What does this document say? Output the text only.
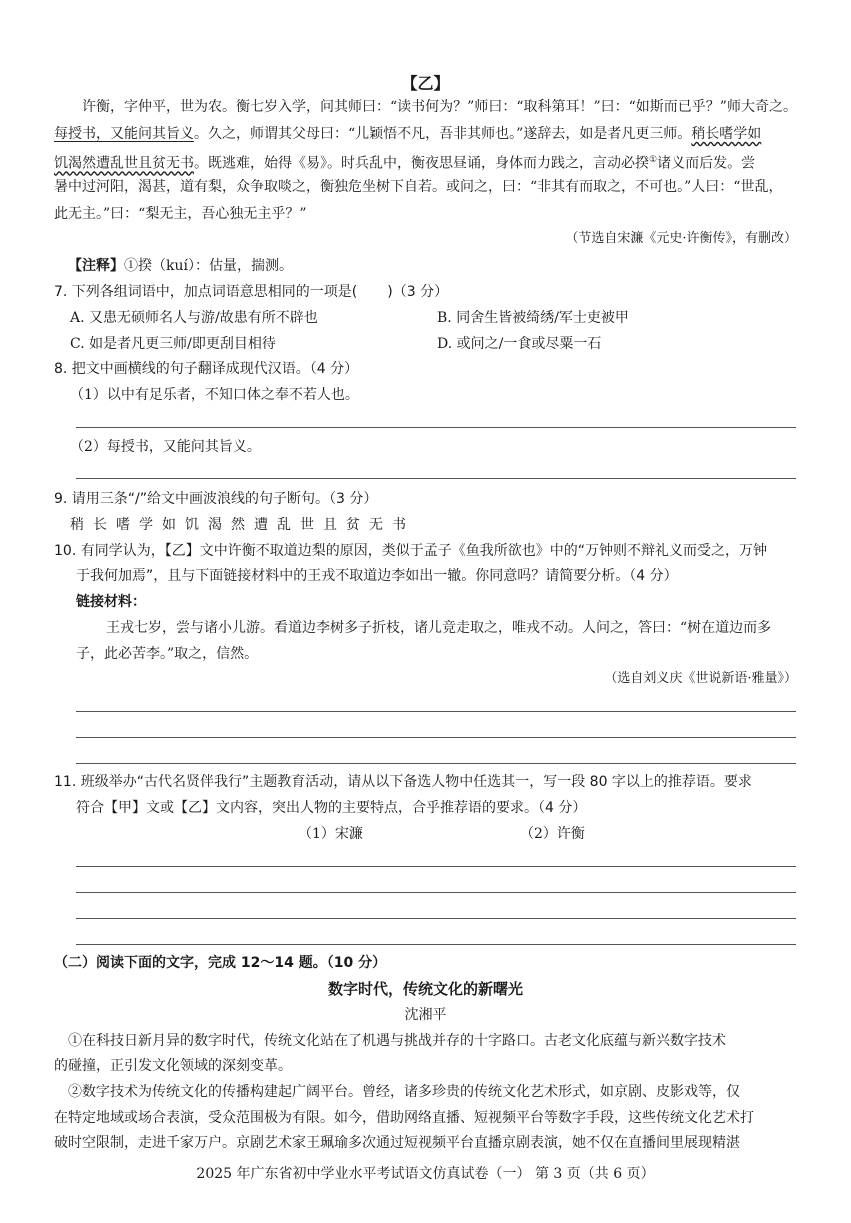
【乙】
许衡，字仲平，世为农。衡七岁入学，问其师曰：“读书何为？”师曰：“取科第耳！”曰：“如斯而已乎？”师大奇之。
每授书，又能问其旨义。久之，师谓其父母曰：“儿颖悟不凡，吾非其师也。”遂辞去，如是者凡更三师。稍长嗜学如
饥渴然遭乱世且贫无书。既逃难，始得《易》。时兵乱中，衡夜思昼诵，身体而力践之，言动必揆①诸义而后发。尝
暑中过河阳，渴甚，道有梨，众争取啖之，衡独危坐树下自若。或问之，曰：“非其有而取之，不可也。”人曰：“世乱，
此无主。”曰：“梨无主，吾心独无主乎？”
（节选自宋濂《元史·许衡传》，有删改）
【注释】①揆（kuí）：估量，揣测。
7. 下列各组词语中，加点词语意思相同的一项是( )（3 分）
A. 又患无硕师名人与游/故患有所不辟也	B. 同舍生皆被绮绣/军士吏被甲
C. 如是者凡更三师/即更刮目相待	D. 或问之/一食或尽粟一石
8. 把文中画横线的句子翻译成现代汉语。（4 分）
（1）以中有足乐者，不知口体之奉不若人也。
（2）每授书，又能问其旨义。
9. 请用三条“/”给文中画波浪线的句子断句。（3 分）
稍长嗜学如饥渴然遭乱世且贫无书
10. 有同学认为，【乙】文中许衡不取道边梨的原因，类似于孟子《鱼我所欲也》中的“万钟则不辩礼义而受之，万钟
于我何加焉”，且与下面链接材料中的王戎不取道边李如出一辙。你同意吗？请简要分析。（4 分）
链接材料：
王戎七岁，尝与诸小儿游。看道边李树多子折枝，诸儿竞走取之，唯戎不动。人问之，答曰：“树在道边而多
子，此必苦李。”取之，信然。
（选自刘义庆《世说新语·雅量》）
11. 班级举办“古代名贤伴我行”主题教育活动，请从以下备选人物中任选其一，写一段 80 字以上的推荐语。要求
符合【甲】文或【乙】文内容，突出人物的主要特点，合乎推荐语的要求。（4 分）
（1）宋濂	（2）许衡
（二）阅读下面的文字，完成 12～14 题。（10 分）
数字时代，传统文化的新曙光
沈湘平
①在科技日新月异的数字时代，传统文化站在了机遇与挑战并存的十字路口。古老文化底蕴与新兴数字技术
的碰撞，正引发文化领域的深刻变革。
②数字技术为传统文化的传播构建起广阔平台。曾经，诸多珍贵的传统文化艺术形式，如京剧、皮影戏等，仅
在特定地域或场合表演，受众范围极为有限。如今，借助网络直播、短视频平台等数字手段，这些传统文化艺术打
破时空限制，走进千家万户。京剧艺术家王珮瑜多次通过短视频平台直播京剧表演，她不仅在直播间里展现精湛
2025 年广东省初中学业水平考试语文仿真试卷（一） 第 3 页（共 6 页）
